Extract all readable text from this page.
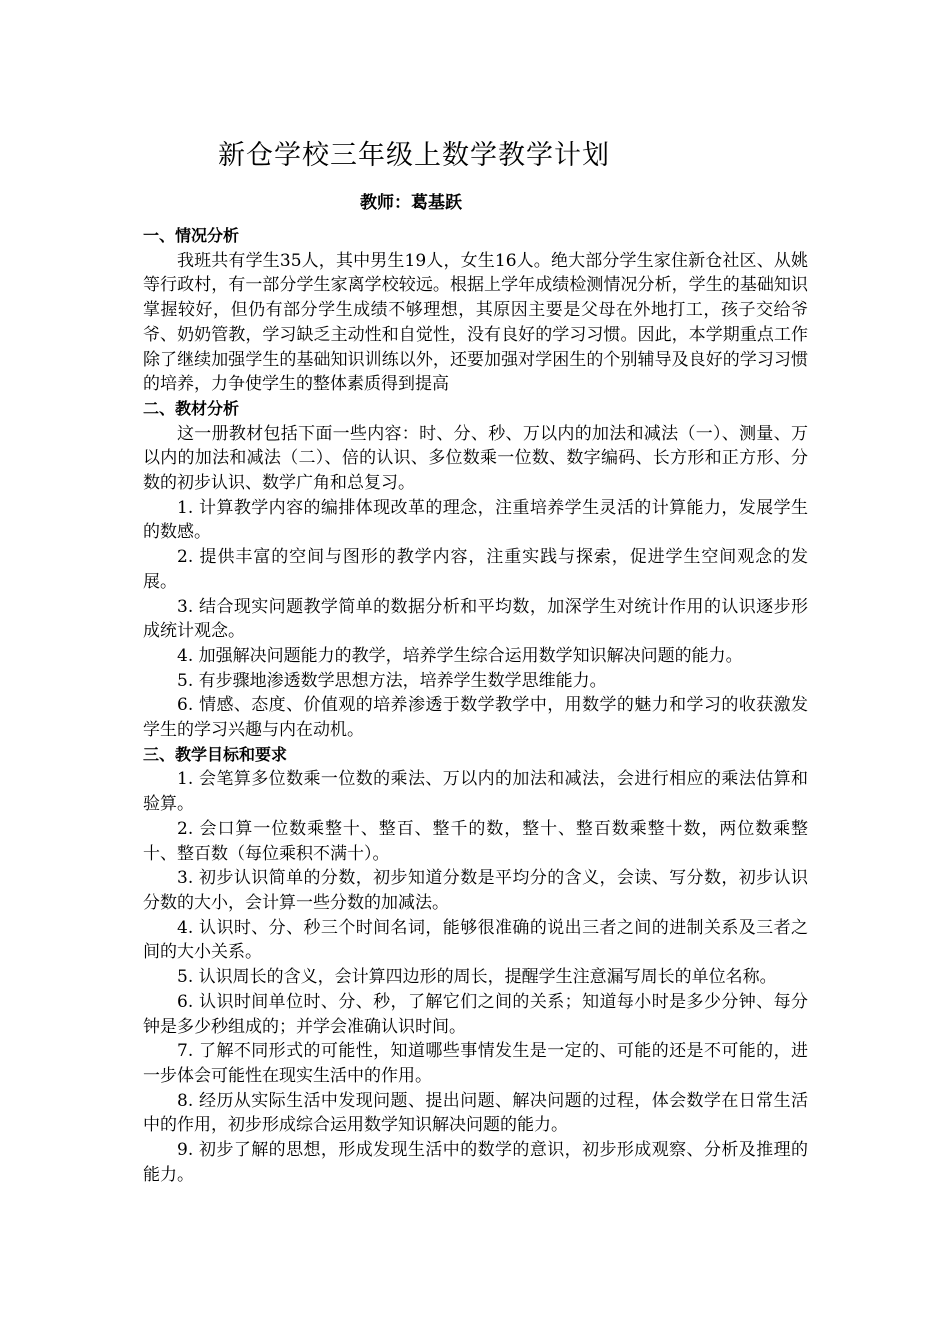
新仓学校三年级上数学教学计划
教师：葛基跃
一、情况分析

我班共有学生35人，其中男生19人，女生16人。绝大部分学生家住新仓社区、从姚等行政村，有一部分学生家离学校较远。根据上学年成绩检测情况分析，学生的基础知识掌握较好，但仍有部分学生成绩不够理想，其原因主要是父母在外地打工，孩子交给爷爷、奶奶管教，学习缺乏主动性和自觉性，没有良好的学习习惯。因此，本学期重点工作除了继续加强学生的基础知识训练以外，还要加强对学困生的个别辅导及良好的学习习惯的培养，力争使学生的整体素质得到提高

二、教材分析

这一册教材包括下面一些内容：时、分、秒、万以内的加法和减法（一）、测量、万以内的加法和减法（二）、倍的认识、多位数乘一位数、数字编码、长方形和正方形、分数的初步认识、数学广角和总复习。

1. 计算教学内容的编排体现改革的理念，注重培养学生灵活的计算能力，发展学生的数感。

2. 提供丰富的空间与图形的教学内容，注重实践与探索，促进学生空间观念的发展。

3. 结合现实问题教学简单的数据分析和平均数，加深学生对统计作用的认识逐步形成统计观念。

4. 加强解决问题能力的教学，培养学生综合运用数学知识解决问题的能力。

5. 有步骤地渗透数学思想方法，培养学生数学思维能力。

6. 情感、态度、价值观的培养渗透于数学教学中，用数学的魅力和学习的收获激发学生的学习兴趣与内在动机。

三、教学目标和要求

1. 会笔算多位数乘一位数的乘法、万以内的加法和减法，会进行相应的乘法估算和验算。

2. 会口算一位数乘整十、整百、整千的数，整十、整百数乘整十数，两位数乘整十、整百数（每位乘积不满十）。

3. 初步认识简单的分数，初步知道分数是平均分的含义，会读、写分数，初步认识分数的大小，会计算一些分数的加减法。

4. 认识时、分、秒三个时间名词，能够很准确的说出三者之间的进制关系及三者之间的大小关系。

5. 认识周长的含义，会计算四边形的周长，提醒学生注意漏写周长的单位名称。

6. 认识时间单位时、分、秒，了解它们之间的关系；知道每小时是多少分钟、每分钟是多少秒组成的；并学会准确认识时间。

7. 了解不同形式的可能性，知道哪些事情发生是一定的、可能的还是不可能的，进一步体会可能性在现实生活中的作用。

8. 经历从实际生活中发现问题、提出问题、解决问题的过程，体会数学在日常生活中的作用，初步形成综合运用数学知识解决问题的能力。

9. 初步了解的思想，形成发现生活中的数学的意识，初步形成观察、分析及推理的能力。
